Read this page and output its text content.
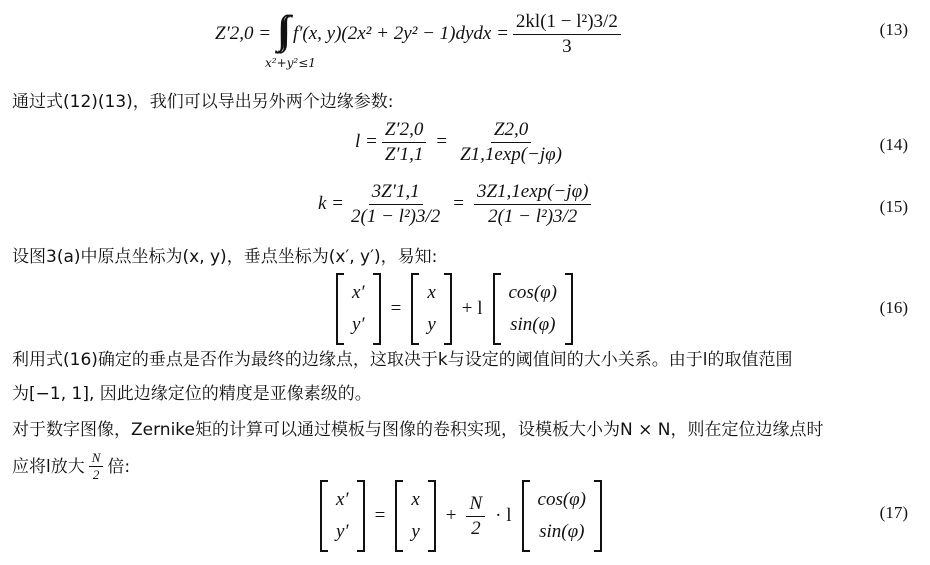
Z′2,0 = ∫∫ f′(x, y)(2x² + 2y² − 1)dydx = $\frac{\text{2kl(1 − l²)3/2}}{3}$
x²+y²≤1
(13)
通过式(12)(13)，我们可以导出另外两个边缘参数:
$l = \frac{Z'2,0}{Z'1,1} = \frac{Z2,0}{Z1,1\exp(-j\varphi)}$	(14)
$k = \frac{3Z'1,1}{\text{2(1 − l²)3/2}} = \frac{3Z1,1\exp(-j\varphi)}{\text{2(1 − l²)3/2}}$	(15)
设图3(a)中原点坐标为(x, y)，垂点坐标为(x′, y′)，易知:
x′
y′
=
x
y
+ l
cos(φ)
sin(φ)
(16)
利用式(16)确定的垂点是否作为最终的边缘点，这取决于k与设定的阈值间的大小关系。由于l的取值范围
为[−1, 1], 因此边缘定位的精度是亚像素级的。
对于数字图像，Zernike矩的计算可以通过模板与图像的卷积实现，设模板大小为N × N，则在定位边缘点时
应将l放大 $\frac{N}{2}$ 倍:
x′
y′
=
x
y
+ $\frac{N}{2} \cdot l$
cos(φ)
sin(φ)
(17)
